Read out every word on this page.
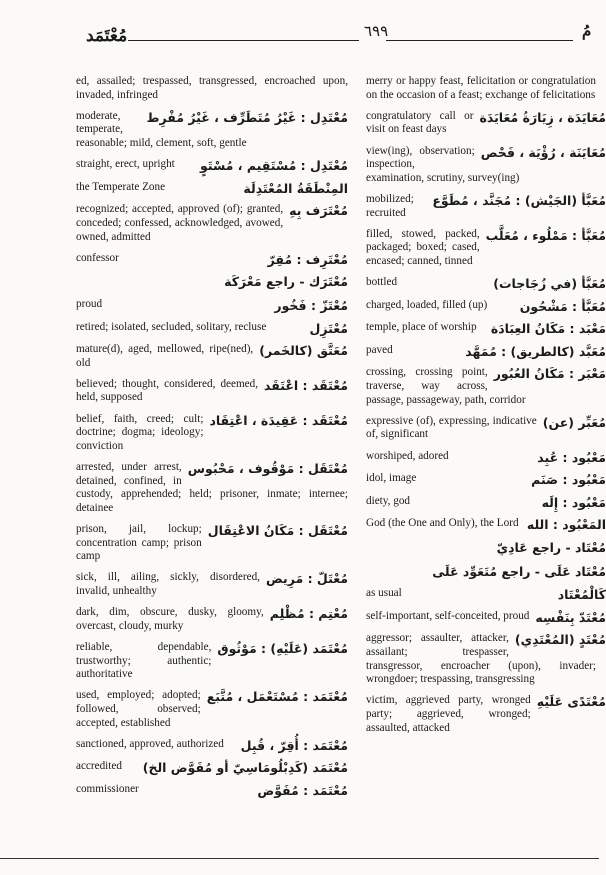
مُعْتَمَد	٦٩٩	مُ
ed, assailed; trespassed, transgressed, encroached upon, invaded, infringed
مُعْتَدِل : غَيْرُ مُتَطَرِّف ، غَيْرُ مُفْرِط
moderate, temperate, reasonable; mild, clement, soft, gentle
مُعْتَدِل : مُسْتَقِيم ، مُسْتَوٍ
straight, erect, upright
المِنْطَقَةُ المُعْتَدِلَة
the Temperate Zone
مُعْتَرَف بِهِ
recognized; accepted, approved (of); granted, conceded; confessed, acknowledged, avowed, owned, admitted
مُعْتَرِف : مُقِرّ
confessor
مُعْتَرَك - راجع مَعْرَكَة
مُعْتَزّ : فَخُور
proud
مُعْتَزِل
retired; isolated, secluded, solitary, recluse
مُعَتَّق (كالخَمر)
mature(d), aged, mellowed, ripe(ned), old
مُعْتَقَد : اعْتَقَد
believed; thought, considered, deemed, held, supposed
مُعْتَقَد : عَقِيدَة ، اعْتِقَاد
belief, faith, creed; cult; doctrine; dogma; ideology; conviction
مُعْتَقَل : مَوْقُوف ، مَحْبُوس
arrested, under arrest, detained, confined, in custody, apprehended; held; prisoner, inmate; internee; detainee
مُعْتَقَل : مَكَانُ الاعْتِقَال
prison, jail, lockup; concentration camp; prison camp
مُعْتَلّ : مَرِيض
sick, ill, ailing, sickly, disordered, invalid, unhealthy
مُعْتِم : مُظْلِم
dark, dim, obscure, dusky, gloomy, overcast, cloudy, murky
مُعْتَمَد (عَلَيْهِ) : مَوْثُوق
reliable, dependable, trustworthy; authentic; authoritative
مُعْتَمَد : مُسْتَعْمَل ، مُتَّبَع
used, employed; adopted; followed, observed; accepted, established
مُعْتَمَد : أُقِرّ ، قُبِل
sanctioned, approved, authorized
مُعْتَمَد (كَدِبْلُومَاسِيّ أو مُفَوَّض الخ)
accredited
مُعْتَمَد : مُفَوَّض
commissioner
merry or happy feast, felicitation or congratulation on the occasion of a feast; exchange of felicitations
مُعَايَدَة ، زِيَارَةُ مُعَايَدَة
congratulatory call or visit on feast days
مُعَايَنَة ، رُؤْيَة ، فَحْص
view(ing), observation; inspection, examination, scrutiny, survey(ing)
مُعَبَّأ (الجَيْش) : مُجَنَّد ، مُطَوَّع
mobilized; recruited
مُعَبَّأ : مَمْلُوء ، مُعَلَّب
filled, stowed, packed, packaged; boxed; cased, encased; canned, tinned
مُعَبَّأ (في زُجَاجات)
bottled
مُعَبَّأ : مَشْحُون
charged, loaded, filled (up)
مَعْبَد : مَكَانُ العِبَادَة
temple, place of worship
مُعَبَّد (كالطريق) : مُمَهَّد
paved
مَعْبَر : مَكَانُ العُبُور
crossing, crossing point, traverse, way across, passage, passageway, path, corridor
مُعَبِّر (عن)
expressive (of), expressing, indicative of, significant
مَعْبُود : عُبِد
worshiped, adored
مَعْبُود : صَنَم
idol, image
مَعْبُود : إِلَه
diety, god
المَعْبُود : الله
God (the One and Only), the Lord
مُعْتَاد - راجع عَادِيّ
مُعْتَاد عَلَى - راجع مُتَعَوِّد عَلَى
كَالْمُعْتَاد
as usual
مُعْتَدّ بِنَفْسِه
self-important, self-conceited, proud
مُعْتَدٍ (المُعْتَدِي)
aggressor; assaulter, attacker, assailant; trespasser, transgressor, encroacher (upon), invader; wrongdoer; trespassing, transgressing
مُعْتَدًى عَلَيْهِ
victim, aggrieved party, wronged party; aggrieved, wronged; assaulted, attacked
